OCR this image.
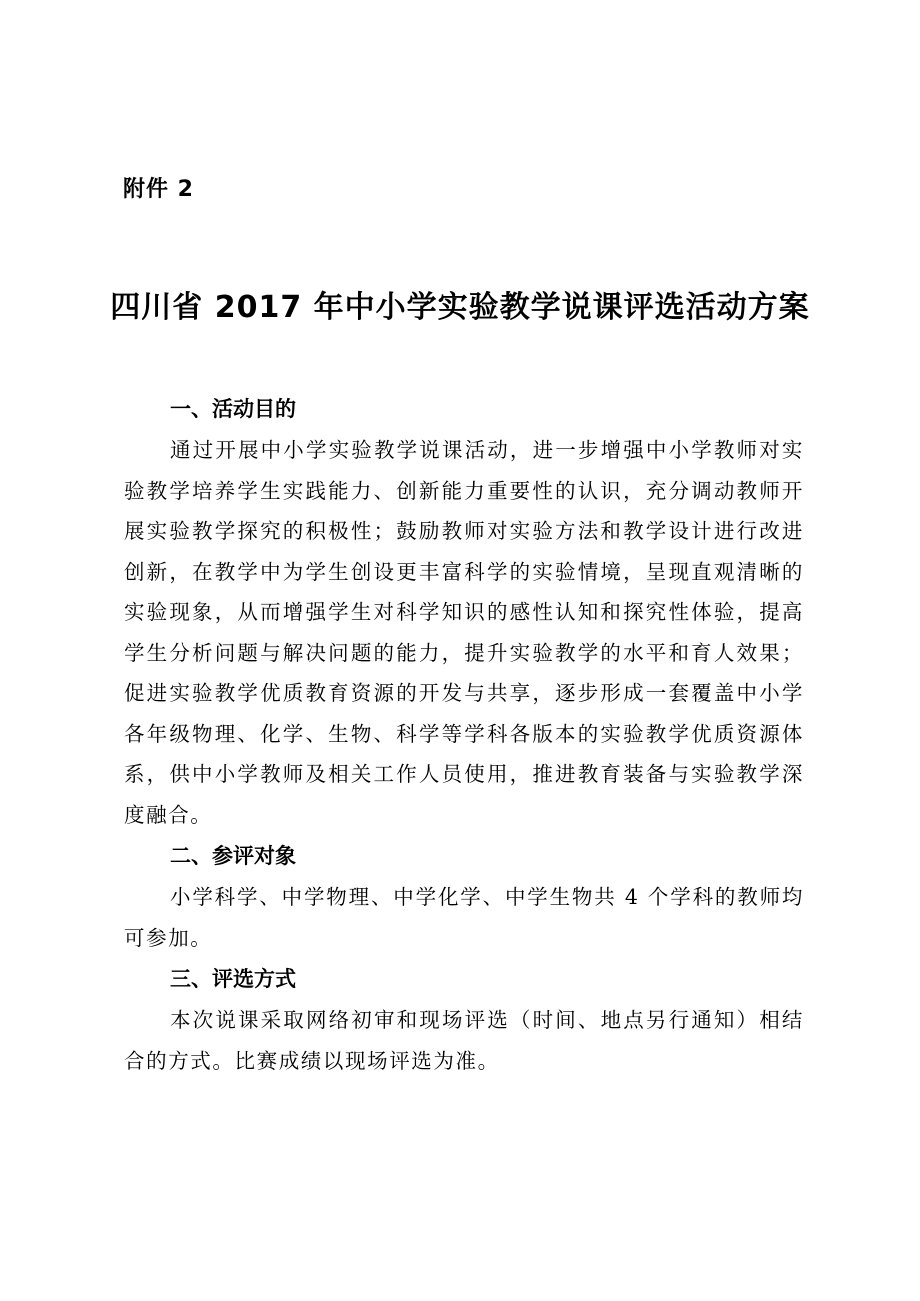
附件 2
四川省 2017 年中小学实验教学说课评选活动方案
一、活动目的

通过开展中小学实验教学说课活动，进一步增强中小学教师对实验教学培养学生实践能力、创新能力重要性的认识，充分调动教师开展实验教学探究的积极性；鼓励教师对实验方法和教学设计进行改进创新，在教学中为学生创设更丰富科学的实验情境，呈现直观清晰的实验现象，从而增强学生对科学知识的感性认知和探究性体验，提高学生分析问题与解决问题的能力，提升实验教学的水平和育人效果；促进实验教学优质教育资源的开发与共享，逐步形成一套覆盖中小学各年级物理、化学、生物、科学等学科各版本的实验教学优质资源体系，供中小学教师及相关工作人员使用，推进教育装备与实验教学深度融合。

二、参评对象

小学科学、中学物理、中学化学、中学生物共 4 个学科的教师均可参加。

三、评选方式

本次说课采取网络初审和现场评选（时间、地点另行通知）相结合的方式。比赛成绩以现场评选为准。
